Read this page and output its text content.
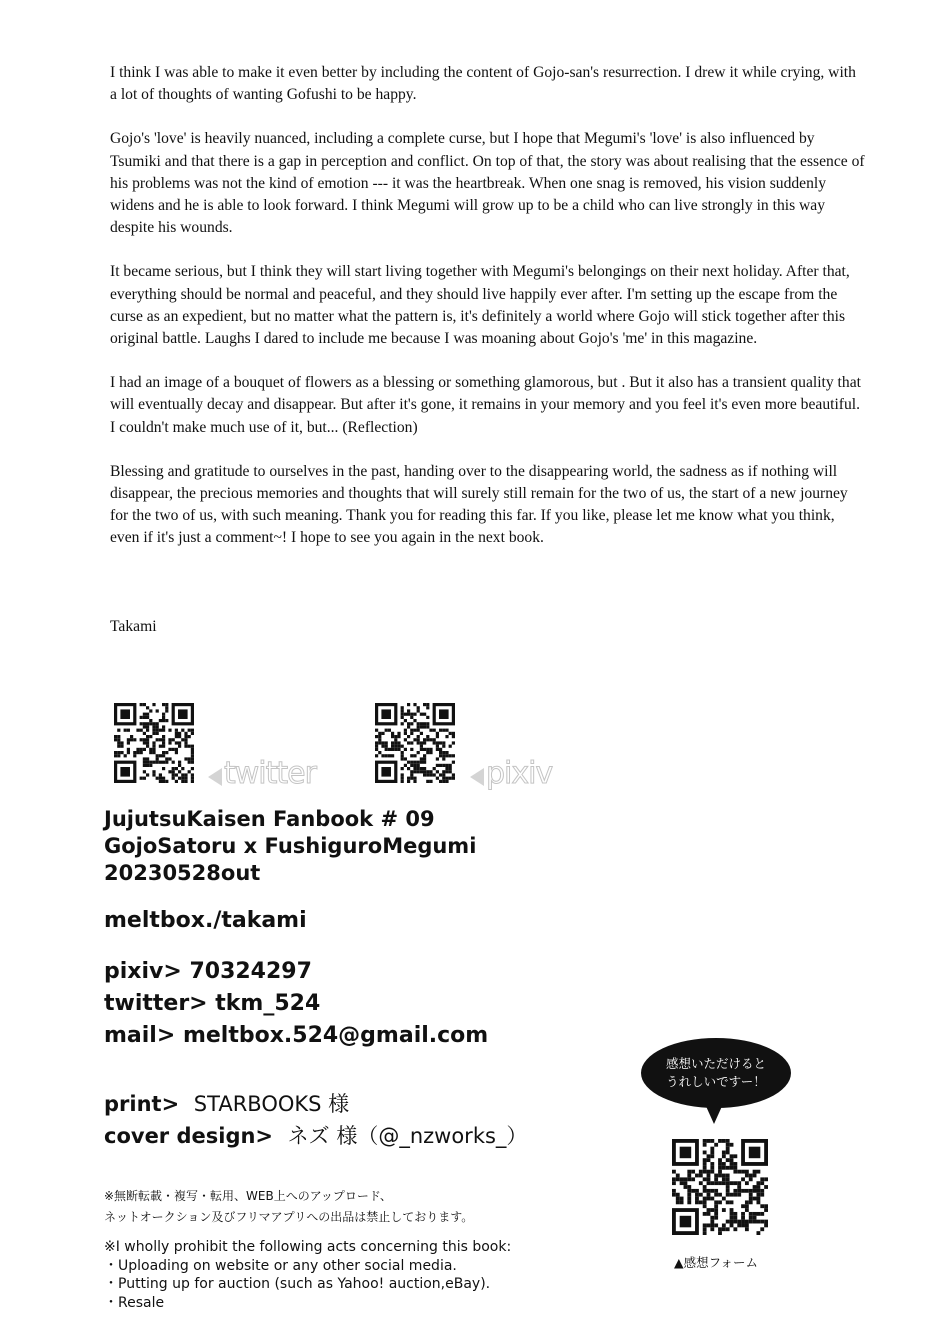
I think I was able to make it even better by including the content of Gojo-san's resurrection. I drew it while crying, with a lot of thoughts of wanting Gofushi to be happy.

Gojo's 'love' is heavily nuanced, including a complete curse, but I hope that Megumi's 'love' is also influenced by Tsumiki and that there is a gap in perception and conflict. On top of that, the story was about realising that the essence of his problems was not the kind of emotion --- it was the heartbreak. When one snag is removed, his vision suddenly widens and he is able to look forward. I think Megumi will grow up to be a child who can live strongly in this way despite his wounds.

It became serious, but I think they will start living together with Megumi's belongings on their next holiday. After that, everything should be normal and peaceful, and they should live happily ever after. I'm setting up the escape from the curse as an expedient, but no matter what the pattern is, it's definitely a world where Gojo will stick together after this original battle. Laughs I dared to include me because I was moaning about Gojo's 'me' in this magazine.

I had an image of a bouquet of flowers as a blessing or something glamorous, but . But it also has a transient quality that will eventually decay and disappear. But after it's gone, it remains in your memory and you feel it's even more beautiful. I couldn't make much use of it, but... (Reflection)

Blessing and gratitude to ourselves in the past, handing over to the disappearing world, the sadness as if nothing will disappear, the precious memories and thoughts that will surely still remain for the two of us, the start of a new journey for the two of us, with such meaning. Thank you for reading this far. If you like, please let me know what you think, even if it's just a comment~! I hope to see you again in the next book.

Takami
twitter	pixiv
JujutsuKaisen Fanbook # 09
GojoSatoru x FushiguroMegumi
20230528out
meltbox./takami
pixiv> 70324297
twitter> tkm_524
mail> meltbox.524@gmail.com
print> STARBOOKS 様
cover design> ネズ 様（@_nzworks_）
※無断転載・複写・転用、WEB上へのアップロード、
ネットオークション及びフリマアプリへの出品は禁止しております。
※I wholly prohibit the following acts concerning this book:
・Uploading on website or any other social media.
・Putting up for auction (such as Yahoo! auction,eBay).
・Resale
感想いただけると
うれしいですー！
▲感想フォーム
